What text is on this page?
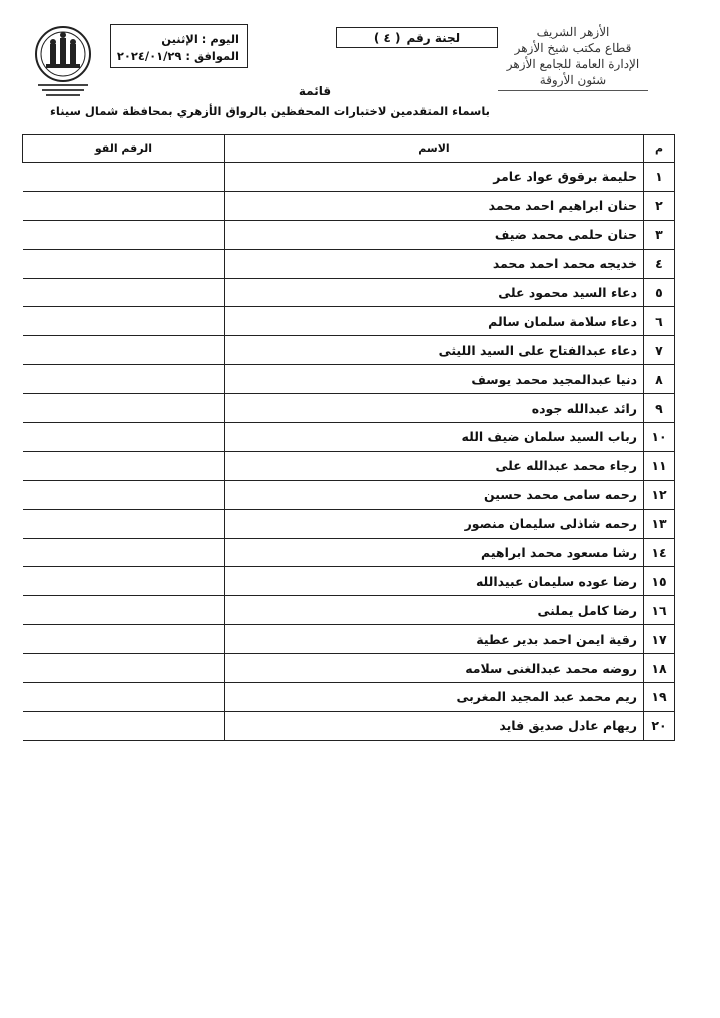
الأزهر الشريف
قطاع مكتب شيخ الأزهر
الإدارة العامة للجامع الأزهر
شئون الأروقة
لجنة رقم
( ٤ )
اليوم :الإثنين
الموافق :٢٠٢٤/٠١/٢٩
قائمة
باسماء المتقدمين لاختبارات المحفظين بالرواق الأزهري بمحافظة شمال سيناء
م	الاسم	الرقم القو
١	حليمة برقوق عواد عامر	
٢	حنان ابراهيم احمد محمد	
٣	حنان حلمى محمد ضيف	
٤	خديجه محمد احمد محمد	
٥	دعاء السيد محمود على	
٦	دعاء سلامة سلمان سالم	
٧	دعاء عبدالفتاح على السيد الليثى	
٨	دنيا عبدالمجيد محمد يوسف	
٩	رائد عبدالله جوده	
١٠	رباب السيد سلمان ضيف الله	
١١	رجاء محمد عبدالله على	
١٢	رحمه سامى محمد حسين	
١٣	رحمه شاذلى سليمان منصور	
١٤	رشا مسعود محمد ابراهيم	
١٥	رضا عوده سليمان عبيدالله	
١٦	رضا كامل يملنى	
١٧	رقية ايمن احمد بدير عطية	
١٨	روضه محمد عبدالغنى سلامه	
١٩	ريم محمد عبد المجيد المغربى	
٢٠	ريهام عادل صديق فايد	
